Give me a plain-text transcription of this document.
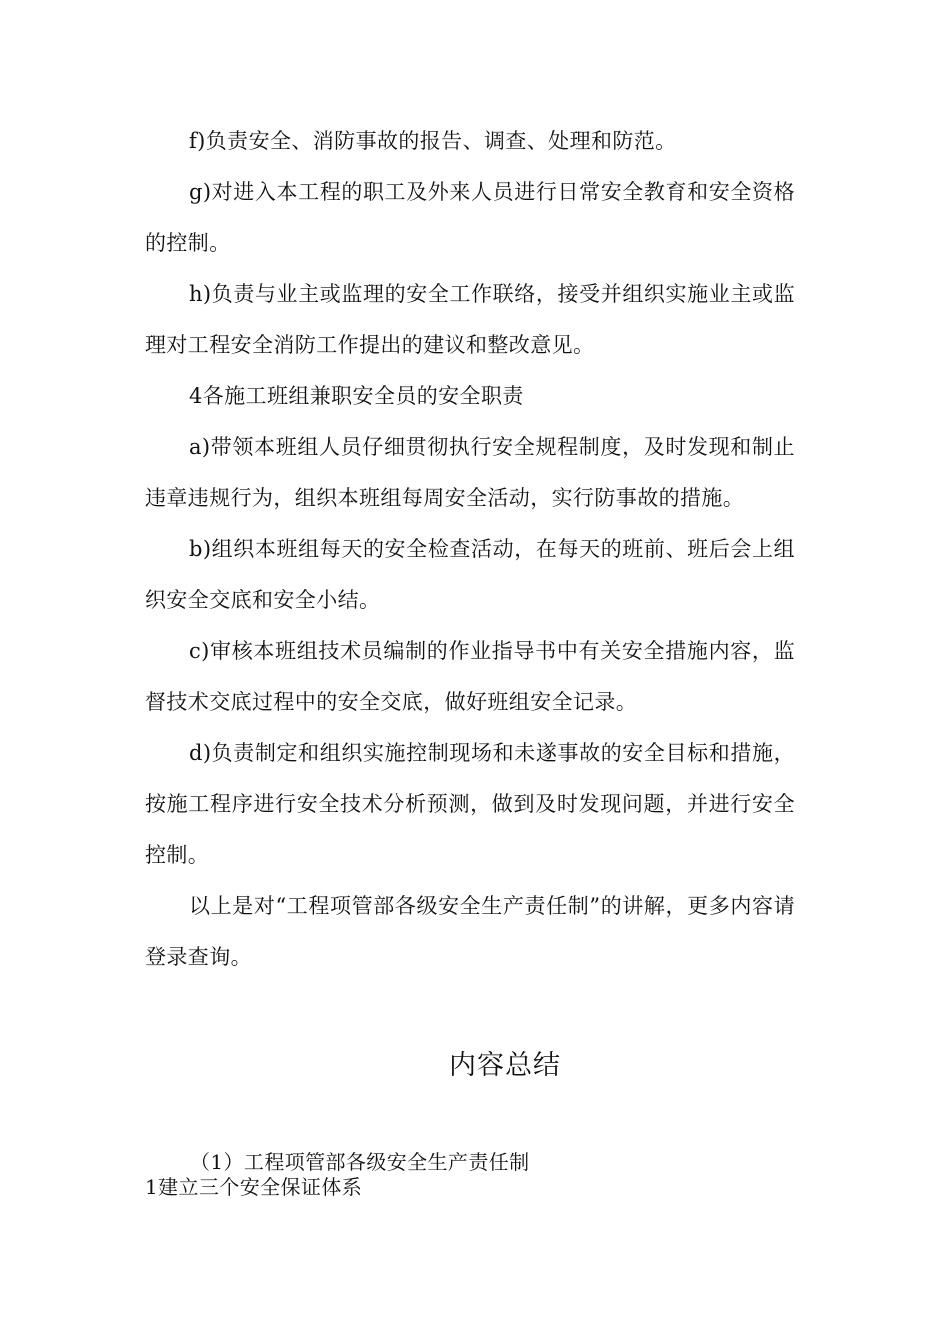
f)负责安全、消防事故的报告、调查、处理和防范。

g)对进入本工程的职工及外来人员进行日常安全教育和安全资格的控制。

h)负责与业主或监理的安全工作联络，接受并组织实施业主或监理对工程安全消防工作提出的建议和整改意见。

4各施工班组兼职安全员的安全职责

a)带领本班组人员仔细贯彻执行安全规程制度，及时发现和制止违章违规行为，组织本班组每周安全活动，实行防事故的措施。

b)组织本班组每天的安全检查活动，在每天的班前、班后会上组织安全交底和安全小结。

c)审核本班组技术员编制的作业指导书中有关安全措施内容，监督技术交底过程中的安全交底，做好班组安全记录。

d)负责制定和组织实施控制现场和未遂事故的安全目标和措施，按施工程序进行安全技术分析预测，做到及时发现问题，并进行安全控制。

以上是对“工程项管部各级安全生产责任制”的讲解，更多内容请登录查询。

内容总结

（1）工程项管部各级安全生产责任制

1建立三个安全保证体系
